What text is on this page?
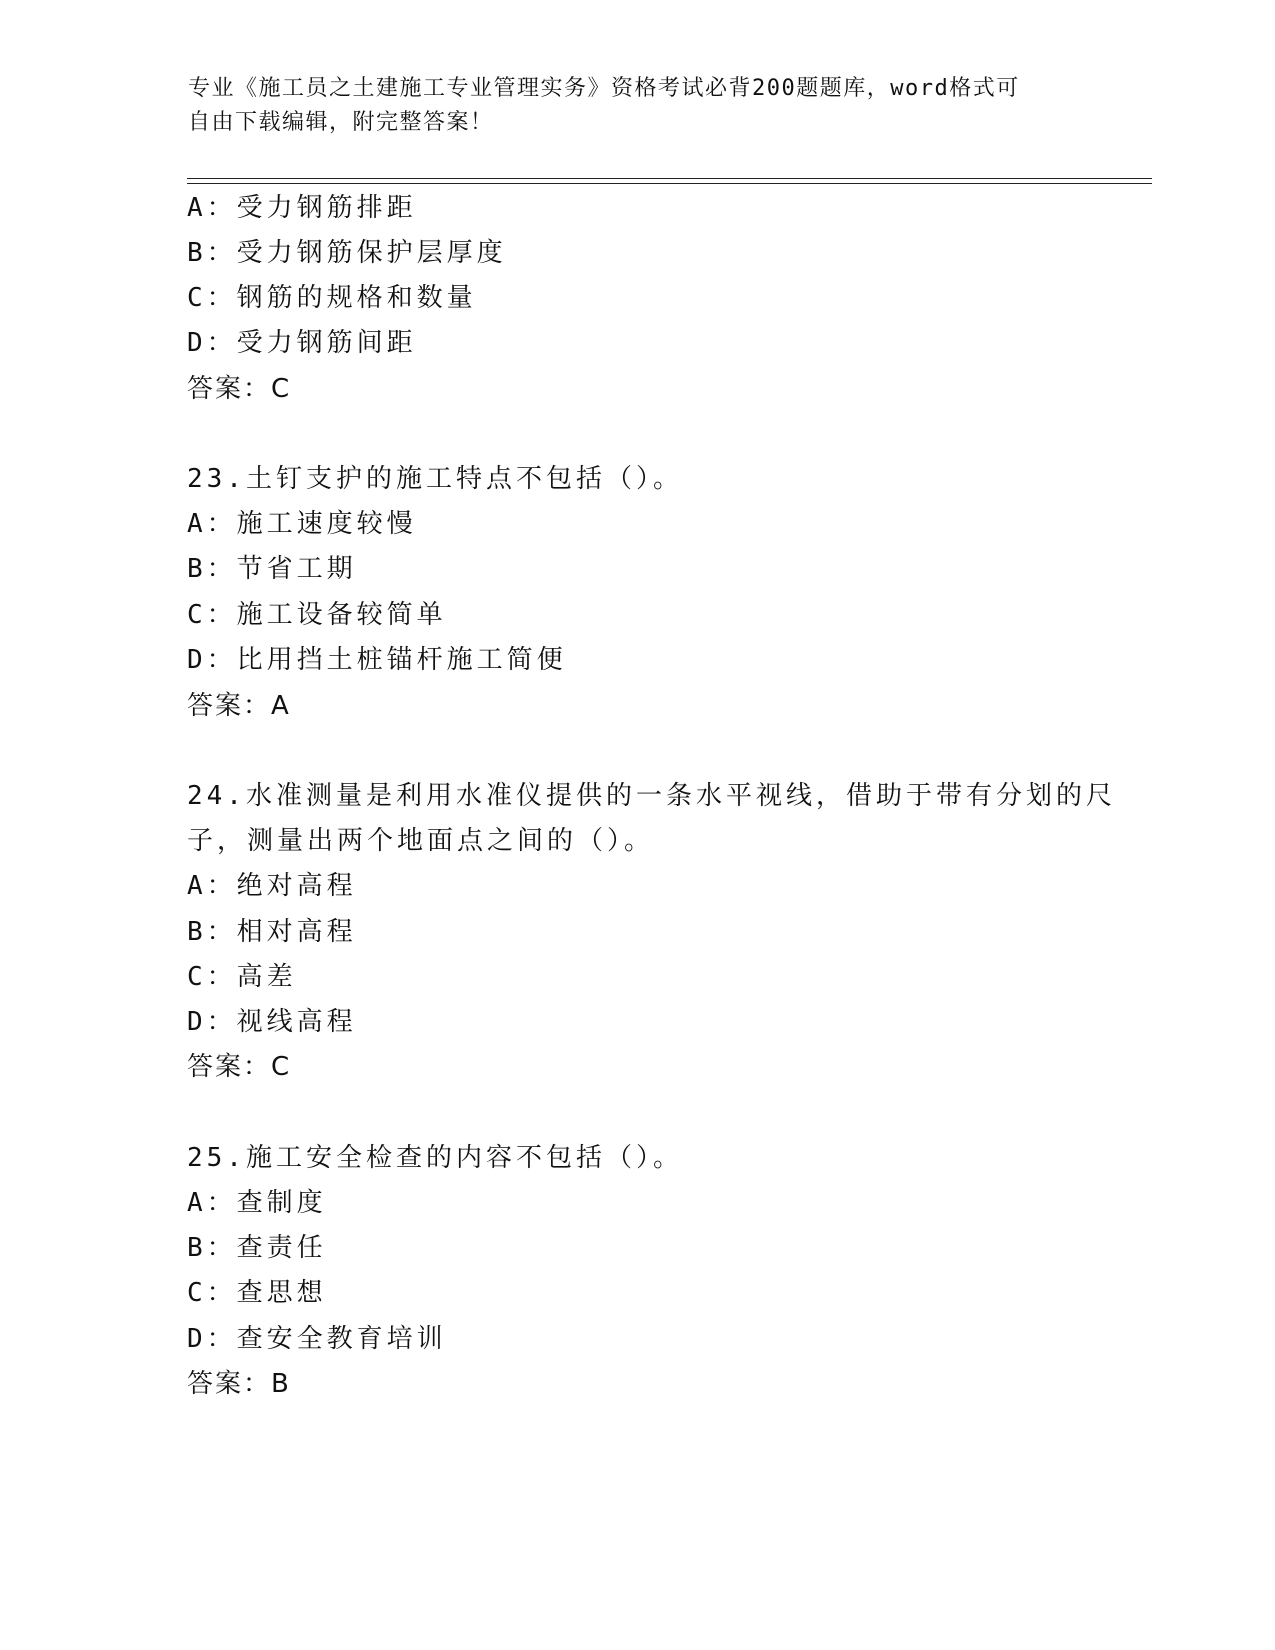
专业《施工员之土建施工专业管理实务》资格考试必背200题题库，word格式可
自由下载编辑，附完整答案！
A：受力钢筋排距
B：受力钢筋保护层厚度
C：钢筋的规格和数量
D：受力钢筋间距
答案：C
23.土钉支护的施工特点不包括（）。
A：施工速度较慢
B：节省工期
C：施工设备较简单
D：比用挡土桩锚杆施工简便
答案：A
24.水准测量是利用水准仪提供的一条水平视线，借助于带有分划的尺
子，测量出两个地面点之间的（）。
A：绝对高程
B：相对高程
C：高差
D：视线高程
答案：C
25.施工安全检查的内容不包括（）。
A：查制度
B：查责任
C：查思想
D：查安全教育培训
答案：B
